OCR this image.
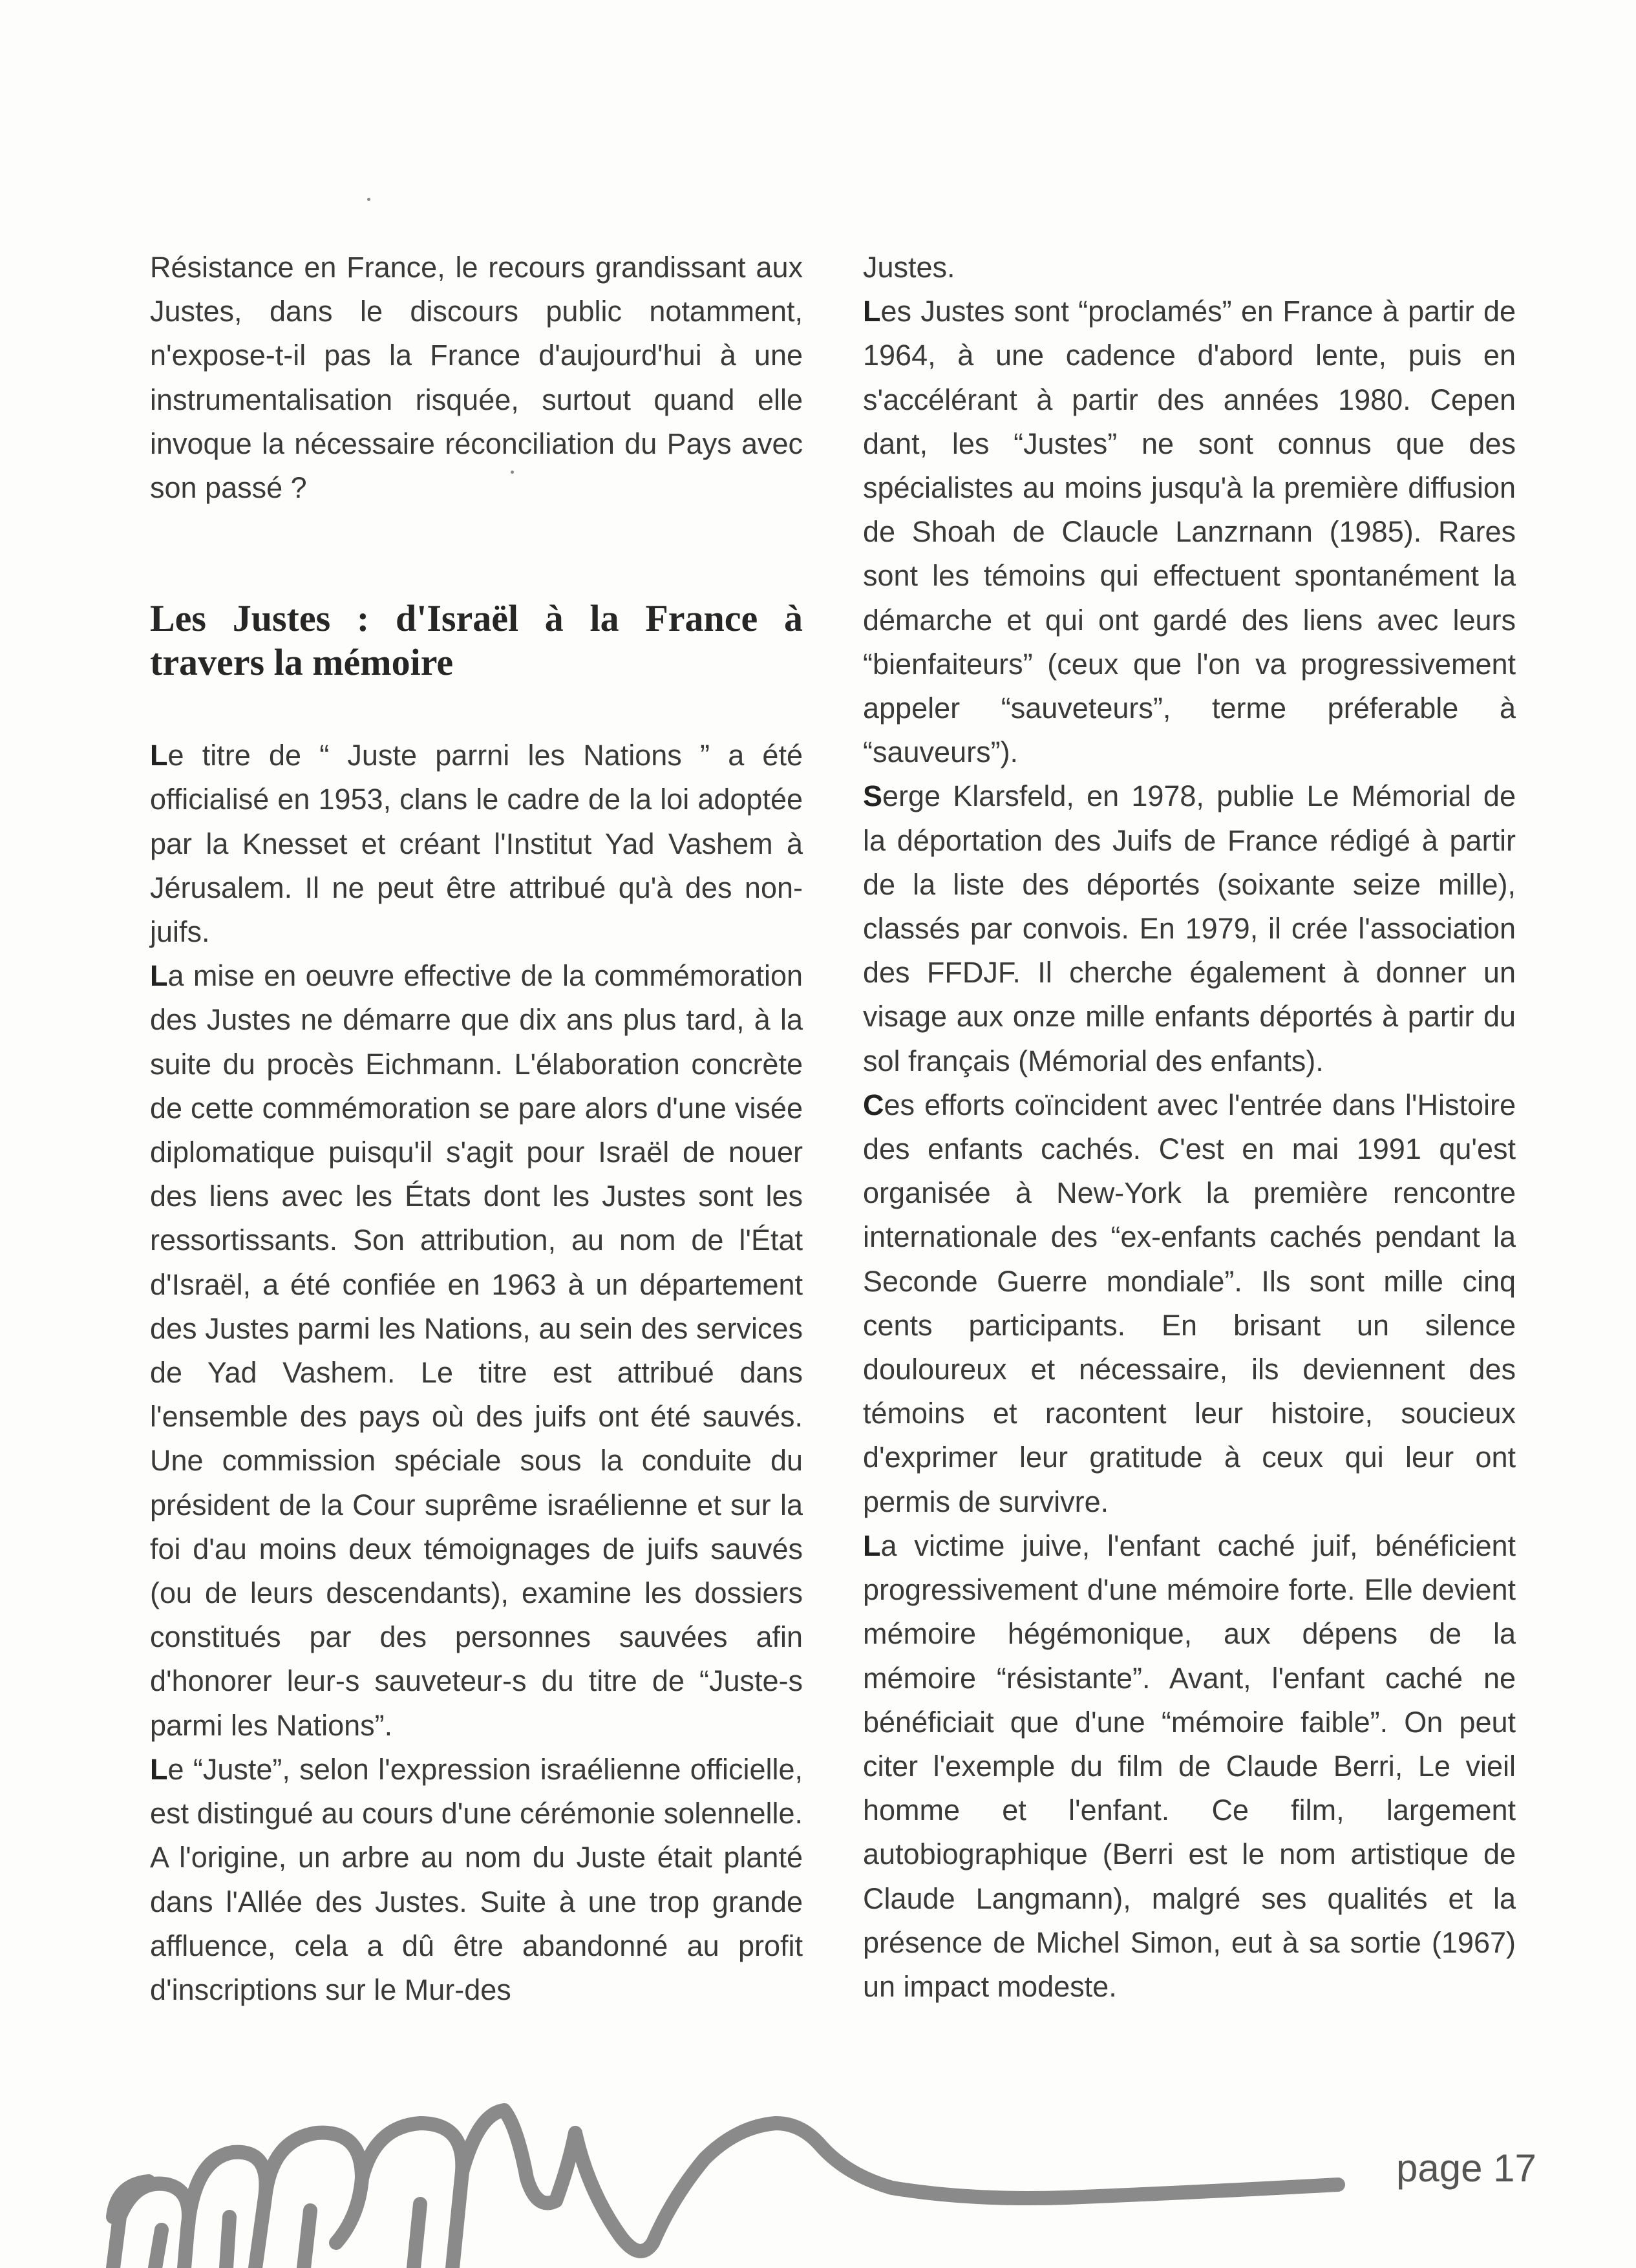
Résistance en France, le recours grandissant aux Justes, dans le discours public notamment, n'expose-t-il pas la France d'aujourd'hui à une instrumentalisation risquée, surtout quand elle invoque la nécessaire réconciliation du Pays avec son passé ?

Les Justes : d'Israël à la France à travers la mémoire

Le titre de “ Juste parrni les Nations ” a été officialisé en 1953, clans le cadre de la loi adoptée par la Knesset et créant l'Institut Yad Vashem à Jérusalem. Il ne peut être attribué qu'à des non-juifs.

La mise en oeuvre effective de la commémoration des Justes ne démarre que dix ans plus tard, à la suite du procès Eichmann. L'élaboration concrète de cette commémoration se pare alors d'une visée diplomatique puisqu'il s'agit pour Israël de nouer des liens avec les États dont les Justes sont les ressortissants. Son attribution, au nom de l'État d'Israël, a été confiée en 1963 à un département des Justes parmi les Nations, au sein des services de Yad Vashem. Le titre est attribué dans l'ensemble des pays où des juifs ont été sauvés. Une commission spéciale sous la conduite du président de la Cour suprême israélienne et sur la foi d'au moins deux témoignages de juifs sauvés (ou de leurs descendants), examine les dossiers constitués par des personnes sauvées afin d'honorer leur-s sauveteur-s du titre de “Juste-s parmi les Nations”.

Le “Juste”, selon l'expression israélienne officielle, est distingué au cours d'une cérémonie solennelle. A l'origine, un arbre au nom du Juste était planté dans l'Allée des Justes. Suite à une trop grande affluence, cela a dû être abandonné au profit d'inscriptions sur le Mur-des

Justes.

Les Justes sont “proclamés” en France à partir de 1964, à une cadence d'abord lente, puis en s'accélérant à partir des années 1980. Cepen dant, les “Justes” ne sont connus que des spécialistes au moins jusqu'à la première diffusion de Shoah de Claucle Lanzrnann (1985). Rares sont les témoins qui effectuent spontanément la démarche et qui ont gardé des liens avec leurs “bienfaiteurs” (ceux que l'on va progressivement appeler “sauveteurs”, terme préferable à “sauveurs”).

Serge Klarsfeld, en 1978, publie Le Mémorial de la déportation des Juifs de France rédigé à partir de la liste des déportés (soixante seize mille), classés par convois. En 1979, il crée l'association des FFDJF. Il cherche également à donner un visage aux onze mille enfants déportés à partir du sol français (Mémorial des enfants).

Ces efforts coïncident avec l'entrée dans l'Histoire des enfants cachés. C'est en mai 1991 qu'est organisée à New-York la première rencontre internationale des “ex-enfants cachés pendant la Seconde Guerre mondiale”. Ils sont mille cinq cents participants. En brisant un silence douloureux et nécessaire, ils deviennent des témoins et racontent leur histoire, soucieux d'exprimer leur gratitude à ceux qui leur ont permis de survivre.

La victime juive, l'enfant caché juif, bénéficient progressivement d'une mémoire forte. Elle devient mémoire hégémonique, aux dépens de la mémoire “résistante”. Avant, l'enfant caché ne bénéficiait que d'une “mémoire faible”. On peut citer l'exemple du film de Claude Berri, Le vieil homme et l'enfant. Ce film, largement autobiographique (Berri est le nom artistique de Claude Langmann), malgré ses qualités et la présence de Michel Simon, eut à sa sortie (1967) un impact modeste.

page 17
